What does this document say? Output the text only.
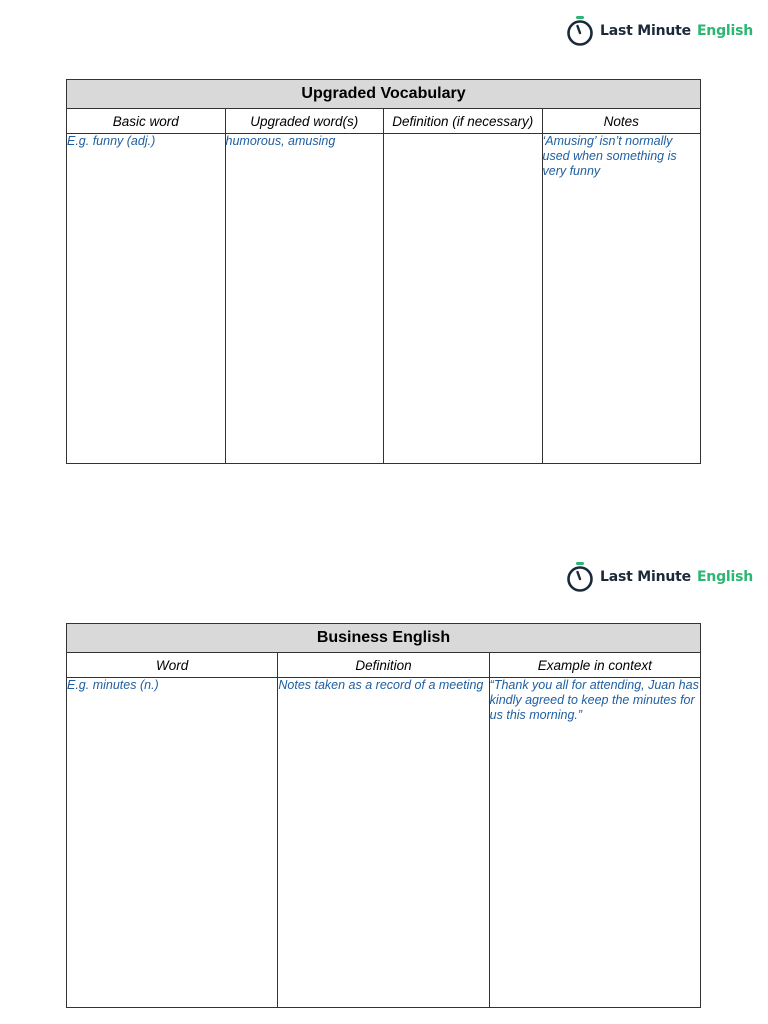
Last Minute English
Upgraded Vocabulary			
Basic word	Upgraded word(s)	Definition (if necessary)	Notes
E.g. funny (adj.)	humorous, amusing		‘Amusing’ isn’t normally used when something is very funny
Last Minute English
Business English		
Word	Definition	Example in context
E.g. minutes (n.)	Notes taken as a record of a meeting	“Thank you all for attending, Juan has kindly agreed to keep the minutes for us this morning.”
